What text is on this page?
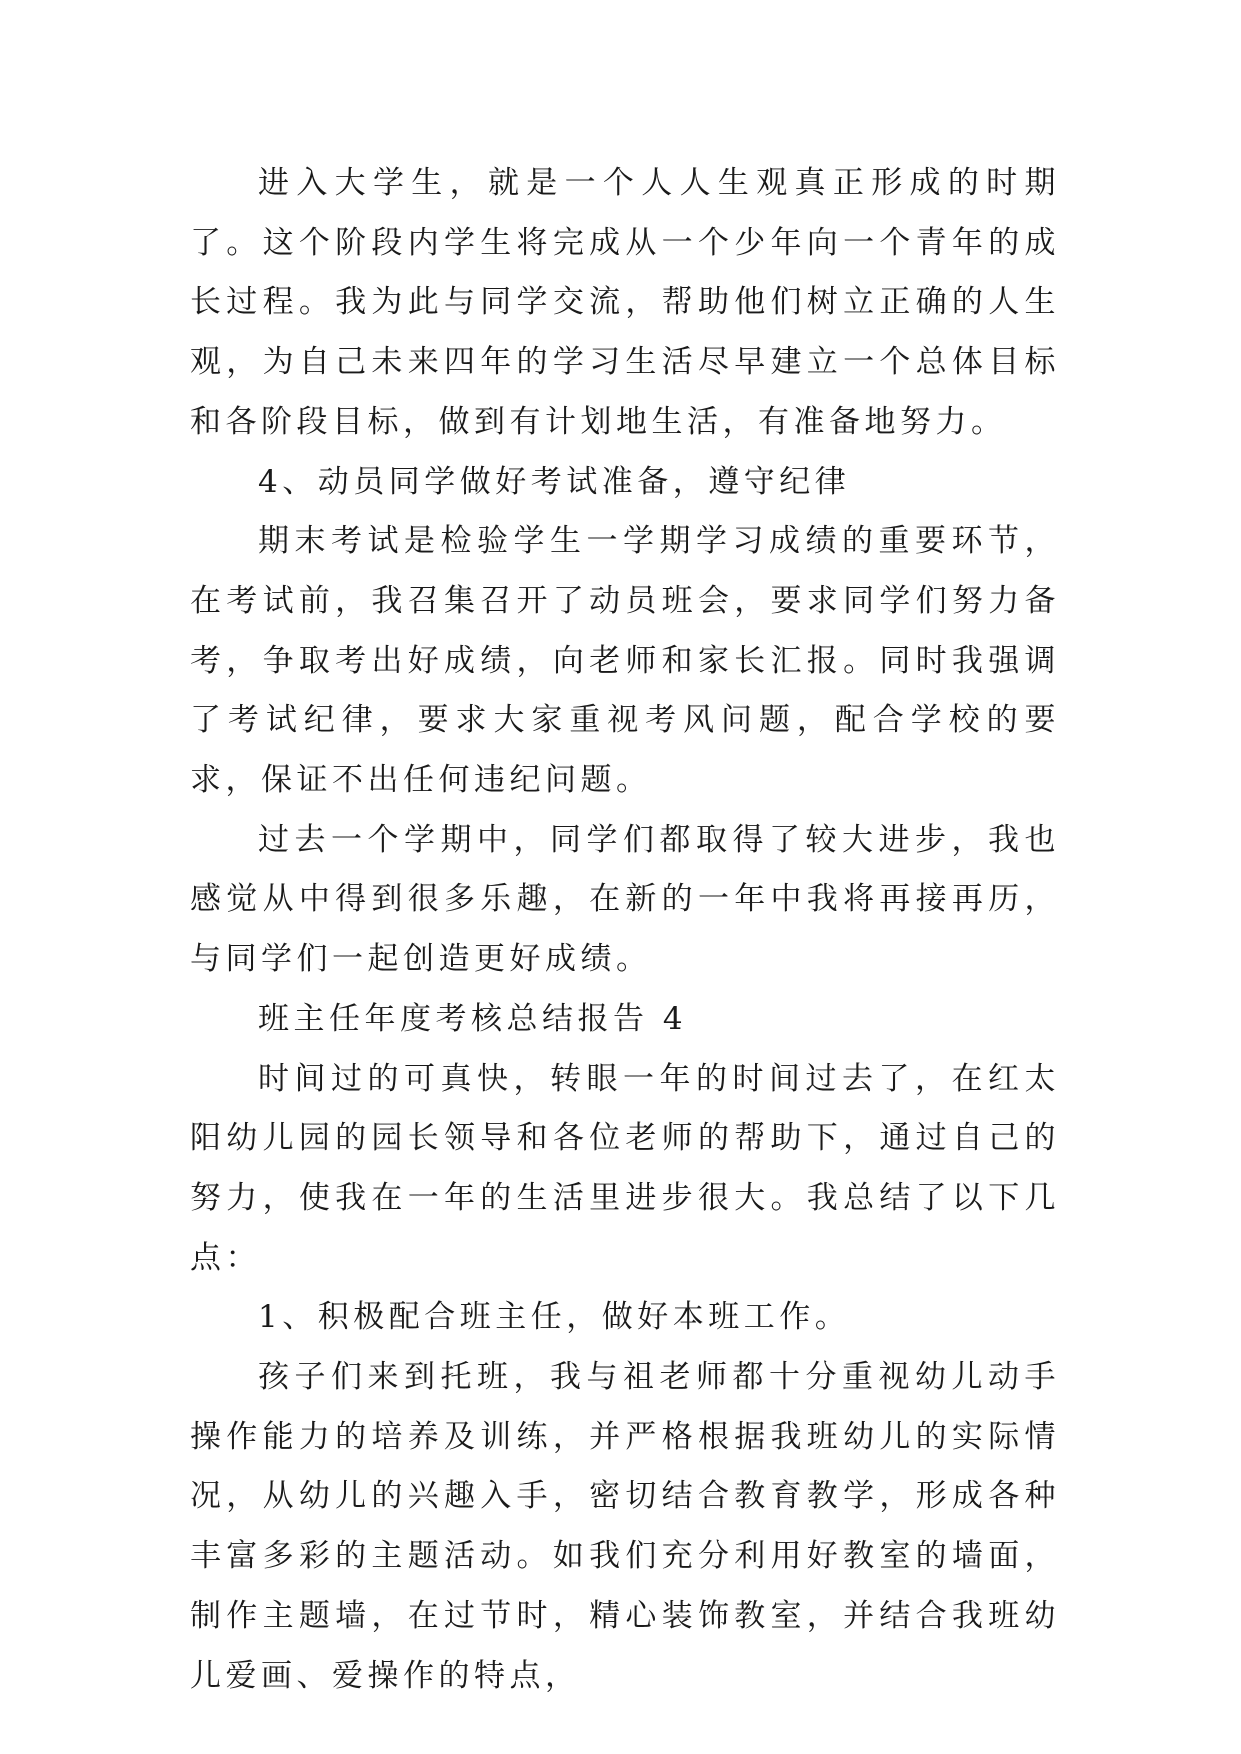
进入大学生，就是一个人人生观真正形成的时期了。这个阶段内学生将完成从一个少年向一个青年的成长过程。我为此与同学交流，帮助他们树立正确的人生观，为自己未来四年的学习生活尽早建立一个总体目标和各阶段目标，做到有计划地生活，有准备地努力。

4、动员同学做好考试准备，遵守纪律

期末考试是检验学生一学期学习成绩的重要环节，在考试前，我召集召开了动员班会，要求同学们努力备考，争取考出好成绩，向老师和家长汇报。同时我强调了考试纪律，要求大家重视考风问题，配合学校的要求，保证不出任何违纪问题。

过去一个学期中，同学们都取得了较大进步，我也感觉从中得到很多乐趣，在新的一年中我将再接再历，与同学们一起创造更好成绩。

班主任年度考核总结报告 4

时间过的可真快，转眼一年的时间过去了，在红太阳幼儿园的园长领导和各位老师的帮助下，通过自己的努力，使我在一年的生活里进步很大。我总结了以下几点：

1、积极配合班主任，做好本班工作。

孩子们来到托班，我与祖老师都十分重视幼儿动手操作能力的培养及训练，并严格根据我班幼儿的实际情况，从幼儿的兴趣入手，密切结合教育教学，形成各种丰富多彩的主题活动。如我们充分利用好教室的墙面，制作主题墙，在过节时，精心装饰教室，并结合我班幼儿爱画、爱操作的特点，
